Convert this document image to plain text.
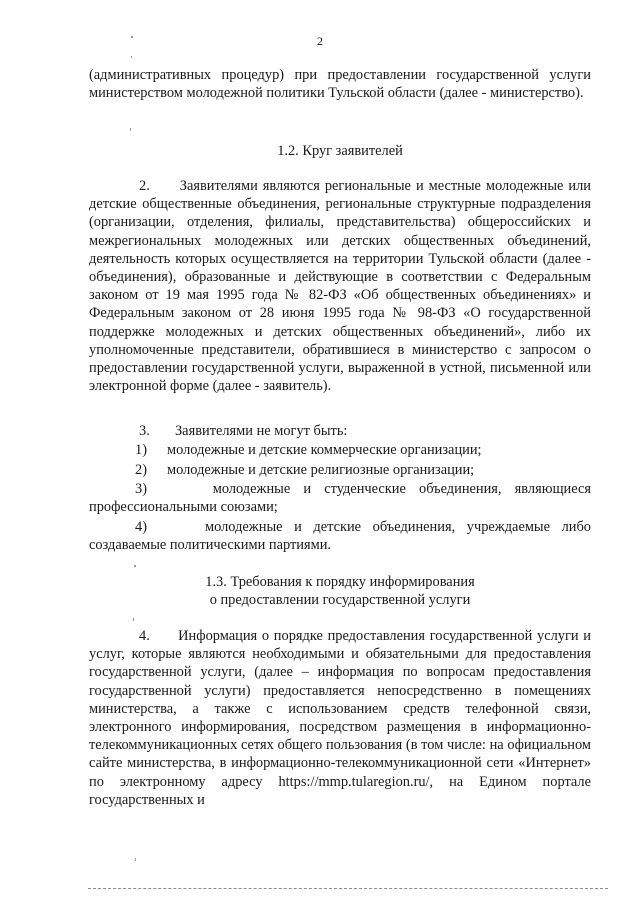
2

(административных процедур) при предоставлении государственной услуги министерством молодежной политики Тульской области (далее - министерство).

1.2. Круг заявителей

2.      Заявителями являются региональные и местные молодежные или детские общественные объединения, региональные структурные подразделения (организации, отделения, филиалы, представительства) общероссийских и межрегиональных молодежных или детских общественных объединений, деятельность которых осуществляется на территории Тульской области (далее - объединения), образованные и действующие в соответствии с Федеральным законом от 19 мая 1995 года № 82-ФЗ «Об общественных объединениях» и Федеральным законом от 28 июня 1995 года № 98-ФЗ «О государственной поддержке молодежных и детских общественных объединений», либо их уполномоченные представители, обратившиеся в министерство с запросом о предоставлении государственной услуги, выраженной в устной, письменной или электронной форме (далее - заявитель).

3.       Заявителями не могут быть:

1) молодежные и детские коммерческие организации;
2) молодежные и детские религиозные организации;

3)	молодежные и студенческие объединения, являющиеся профессиональными союзами;

4)	молодежные и детские объединения, учреждаемые либо создаваемые политическими партиями.

1.3. Требования к порядку информирования
о предоставлении государственной услуги

4.      Информация о порядке предоставления государственной услуги и услуг, которые являются необходимыми и обязательными для предоставления государственной услуги, (далее – информация по вопросам предоставления государственной услуги) предоставляется непосредственно в помещениях министерства, а также с использованием средств телефонной связи, электронного информирования, посредством размещения в информационно-телекоммуникационных сетях общего пользования (в том числе: на официальном сайте министерства, в информационно-телекоммуникационной сети «Интернет» по электронному адресу https://mmp.tularegion.ru/, на Едином портале государственных и
